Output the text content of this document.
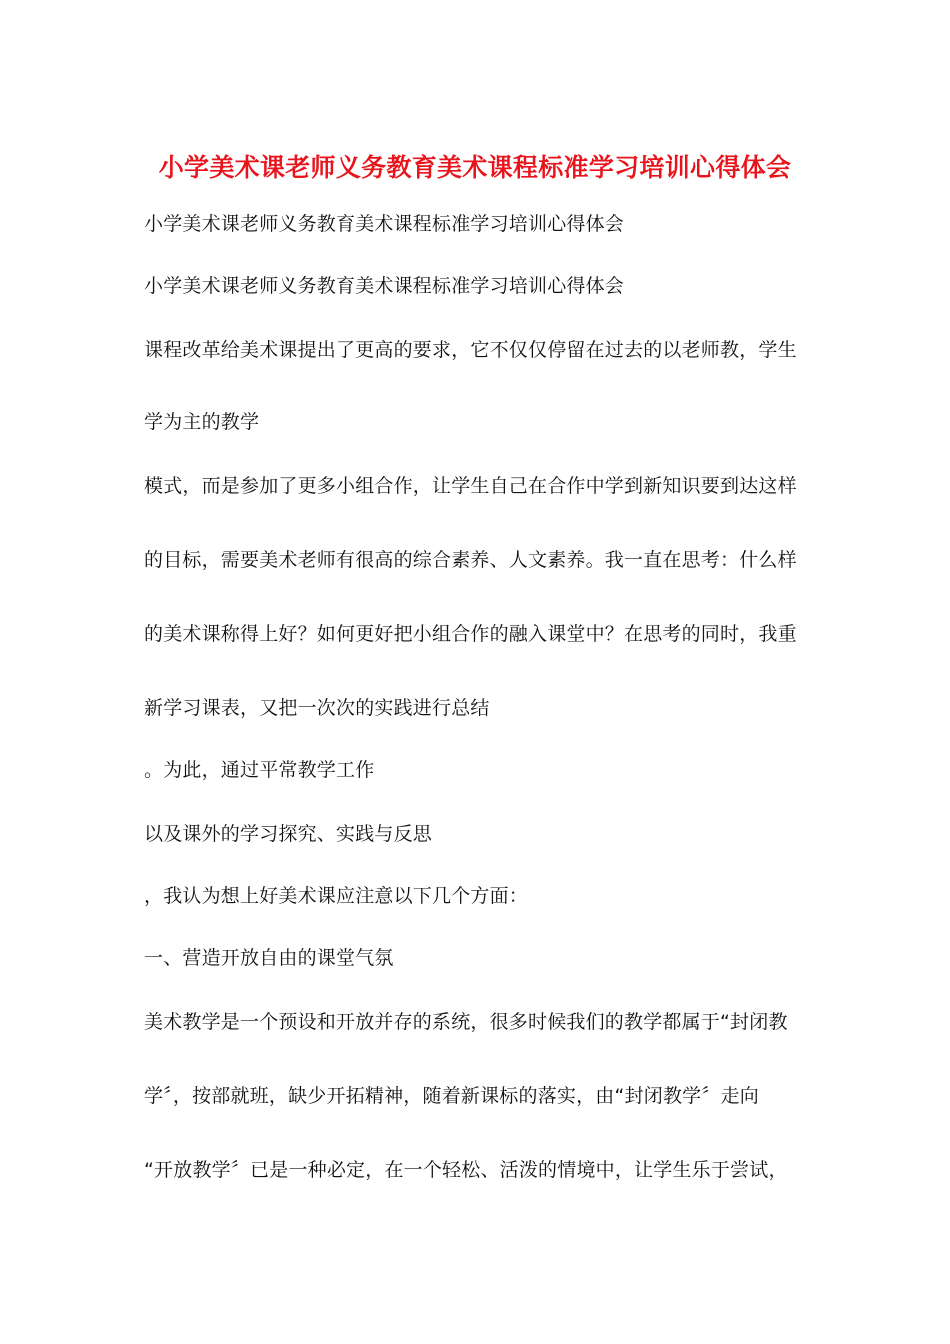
小学美术课老师义务教育美术课程标准学习培训心得体会
小学美术课老师义务教育美术课程标准学习培训心得体会
小学美术课老师义务教育美术课程标准学习培训心得体会
课程改革给美术课提出了更高的要求，它不仅仅停留在过去的以老师教，学生
学为主的教学
模式，而是参加了更多小组合作，让学生自己在合作中学到新知识要到达这样
的目标，需要美术老师有很高的综合素养、人文素养。我一直在思考：什么样
的美术课称得上好？如何更好把小组合作的融入课堂中？在思考的同时，我重
新学习课表，又把一次次的实践进行总结
。为此，通过平常教学工作
以及课外的学习探究、实践与反思
，我认为想上好美术课应注意以下几个方面：
一、营造开放自由的课堂气氛
美术教学是一个预设和开放并存的系统，很多时候我们的教学都属于“封闭教
学〞，按部就班，缺少开拓精神，随着新课标的落实，由“封闭教学〞走向
“开放教学〞已是一种必定，在一个轻松、活泼的情境中，让学生乐于尝试，
